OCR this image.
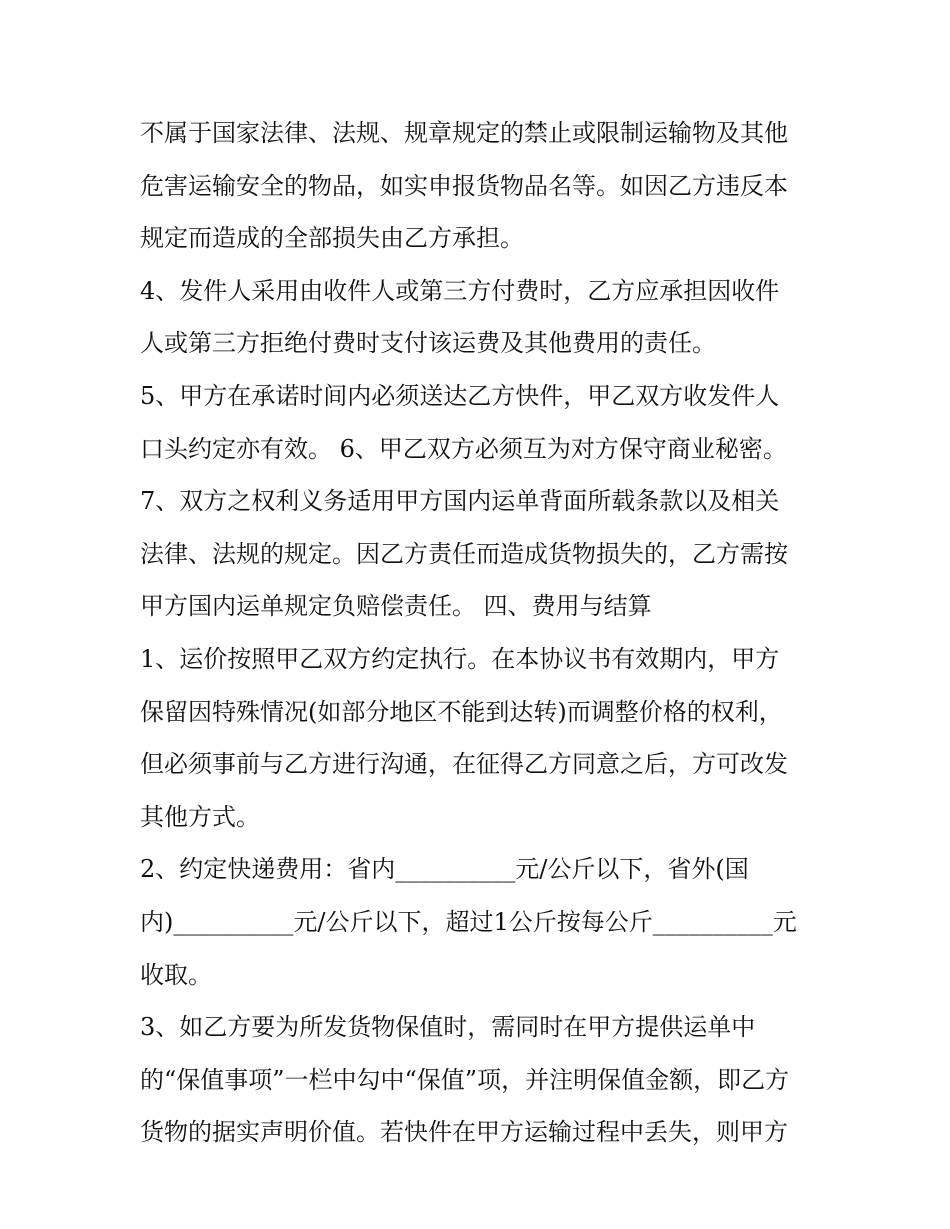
不属于国家法律、法规、规章规定的禁止或限制运输物及其他
危害运输安全的物品，如实申报货物品名等。如因乙方违反本
规定而造成的全部损失由乙方承担。
4、发件人采用由收件人或第三方付费时，乙方应承担因收件
人或第三方拒绝付费时支付该运费及其他费用的责任。
5、甲方在承诺时间内必须送达乙方快件，甲乙双方收发件人
口头约定亦有效。 6、甲乙双方必须互为对方保守商业秘密。
7、双方之权利义务适用甲方国内运单背面所载条款以及相关
法律、法规的规定。因乙方责任而造成货物损失的，乙方需按
甲方国内运单规定负赔偿责任。 四、费用与结算
1、运价按照甲乙双方约定执行。在本协议书有效期内，甲方
保留因特殊情况(如部分地区不能到达转)而调整价格的权利，
但必须事前与乙方进行沟通，在征得乙方同意之后，方可改发
其他方式。
2、约定快递费用：省内__________元/公斤以下，省外(国
内)__________元/公斤以下，超过1公斤按每公斤__________元
收取。
3、如乙方要为所发货物保值时，需同时在甲方提供运单中
的“保值事项”一栏中勾中“保值”项，并注明保值金额，即乙方
货物的据实声明价值。若快件在甲方运输过程中丢失，则甲方
